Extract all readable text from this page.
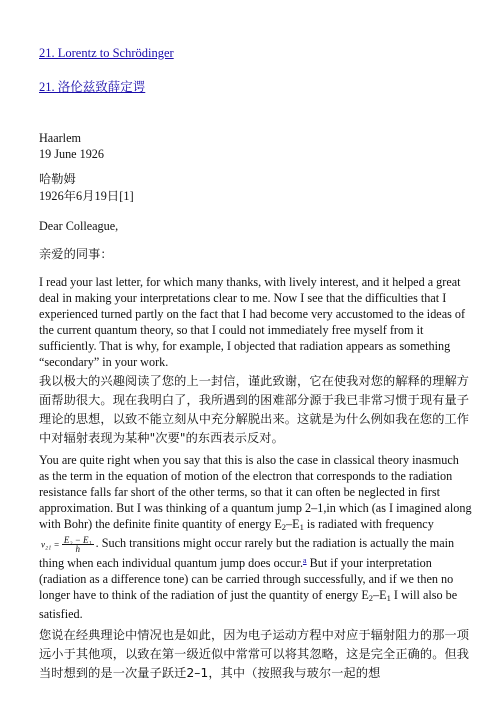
21. Lorentz to Schrödinger
21. 洛伦兹致薛定谔
Haarlem
19 June 1926
哈勒姆
1926年6月19日[1]
Dear Colleague,
亲爱的同事：
I read your last letter, for which many thanks, with lively interest, and it helped a great deal in making your interpretations clear to me. Now I see that the difficulties that I experienced turned partly on the fact that I had become very accustomed to the ideas of the current quantum theory, so that I could not immediately free myself from it sufficiently. That is why, for example, I objected that radiation appears as something “secondary” in your work.
我以极大的兴趣阅读了您的上一封信，谨此致谢，它在使我对您的解释的理解方面帮助很大。现在我明白了，我所遇到的困难部分源于我已非常习惯于现有量子理论的思想，以致不能立刻从中充分解脱出来。这就是为什么例如我在您的工作中对辐射表现为某种"次要"的东西表示反对。
You are quite right when you say that this is also the case in classical theory inasmuch as the term in the equation of motion of the electron that corresponds to the radiation resistance falls far short of the other terms, so that it can often be neglected in first approximation. But I was thinking of a quantum jump 2–1,in which (as I imagined along with Bohr) the definite finite quantity of energy $E_2-E_1$ is radiated with frequency $\nu_{21} = \frac{\text{E₂ − E₁}}{h}$ . Such transitions might occur rarely but the radiation is actually the main thing when each individual quantum jump does occur.$^a$ But if your interpretation (radiation as a difference tone) can be carried through successfully, and if we then no longer have to think of the radiation of just the quantity of energy $E_2-E_1$ I will also be satisfied.
您说在经典理论中情况也是如此，因为电子运动方程中对应于辐射阻力的那一项远小于其他项，以致在第一级近似中常常可以将其忽略，这是完全正确的。但我当时想到的是一次量子跃迁2–1，其中（按照我与玻尔一起的想
